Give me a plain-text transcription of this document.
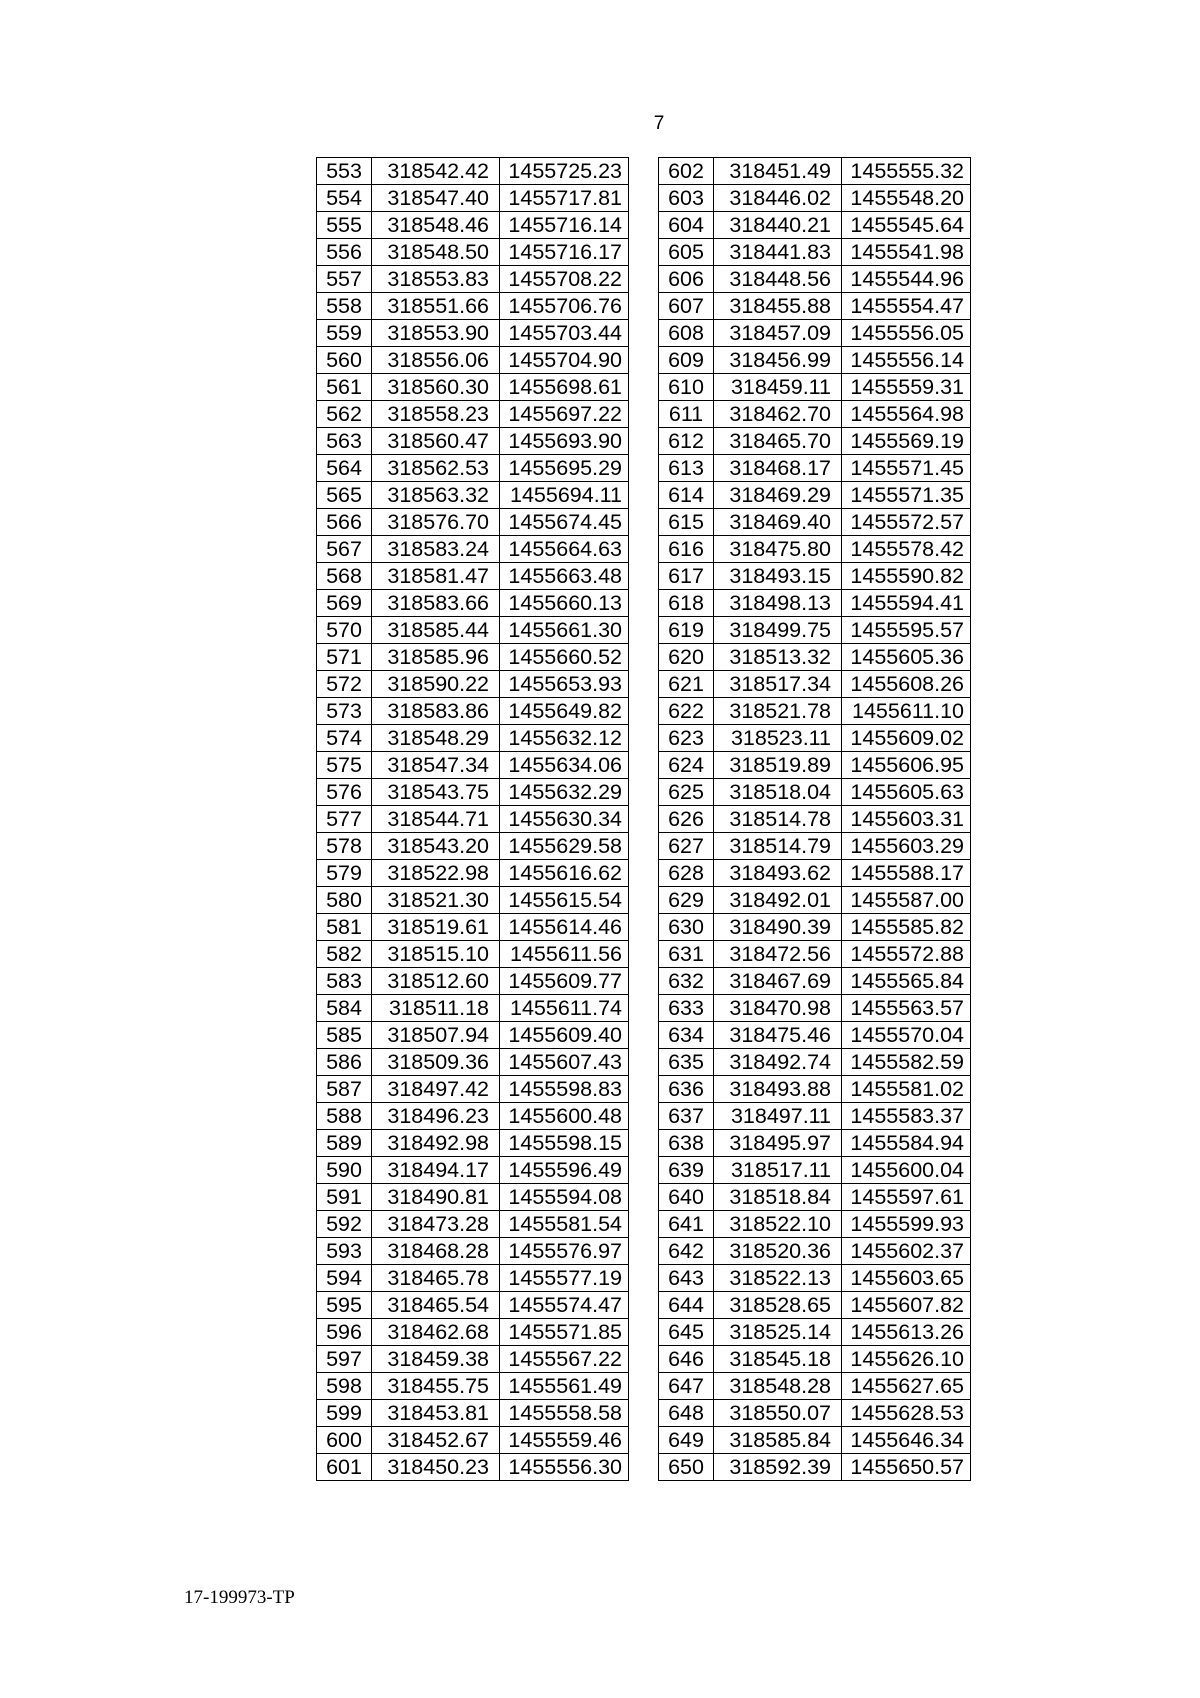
7
553	318542.42	1455725.23
554	318547.40	1455717.81
555	318548.46	1455716.14
556	318548.50	1455716.17
557	318553.83	1455708.22
558	318551.66	1455706.76
559	318553.90	1455703.44
560	318556.06	1455704.90
561	318560.30	1455698.61
562	318558.23	1455697.22
563	318560.47	1455693.90
564	318562.53	1455695.29
565	318563.32	1455694.11
566	318576.70	1455674.45
567	318583.24	1455664.63
568	318581.47	1455663.48
569	318583.66	1455660.13
570	318585.44	1455661.30
571	318585.96	1455660.52
572	318590.22	1455653.93
573	318583.86	1455649.82
574	318548.29	1455632.12
575	318547.34	1455634.06
576	318543.75	1455632.29
577	318544.71	1455630.34
578	318543.20	1455629.58
579	318522.98	1455616.62
580	318521.30	1455615.54
581	318519.61	1455614.46
582	318515.10	1455611.56
583	318512.60	1455609.77
584	318511.18	1455611.74
585	318507.94	1455609.40
586	318509.36	1455607.43
587	318497.42	1455598.83
588	318496.23	1455600.48
589	318492.98	1455598.15
590	318494.17	1455596.49
591	318490.81	1455594.08
592	318473.28	1455581.54
593	318468.28	1455576.97
594	318465.78	1455577.19
595	318465.54	1455574.47
596	318462.68	1455571.85
597	318459.38	1455567.22
598	318455.75	1455561.49
599	318453.81	1455558.58
600	318452.67	1455559.46
601	318450.23	1455556.30
602	318451.49	1455555.32
603	318446.02	1455548.20
604	318440.21	1455545.64
605	318441.83	1455541.98
606	318448.56	1455544.96
607	318455.88	1455554.47
608	318457.09	1455556.05
609	318456.99	1455556.14
610	318459.11	1455559.31
611	318462.70	1455564.98
612	318465.70	1455569.19
613	318468.17	1455571.45
614	318469.29	1455571.35
615	318469.40	1455572.57
616	318475.80	1455578.42
617	318493.15	1455590.82
618	318498.13	1455594.41
619	318499.75	1455595.57
620	318513.32	1455605.36
621	318517.34	1455608.26
622	318521.78	1455611.10
623	318523.11	1455609.02
624	318519.89	1455606.95
625	318518.04	1455605.63
626	318514.78	1455603.31
627	318514.79	1455603.29
628	318493.62	1455588.17
629	318492.01	1455587.00
630	318490.39	1455585.82
631	318472.56	1455572.88
632	318467.69	1455565.84
633	318470.98	1455563.57
634	318475.46	1455570.04
635	318492.74	1455582.59
636	318493.88	1455581.02
637	318497.11	1455583.37
638	318495.97	1455584.94
639	318517.11	1455600.04
640	318518.84	1455597.61
641	318522.10	1455599.93
642	318520.36	1455602.37
643	318522.13	1455603.65
644	318528.65	1455607.82
645	318525.14	1455613.26
646	318545.18	1455626.10
647	318548.28	1455627.65
648	318550.07	1455628.53
649	318585.84	1455646.34
650	318592.39	1455650.57
17-199973-TP
